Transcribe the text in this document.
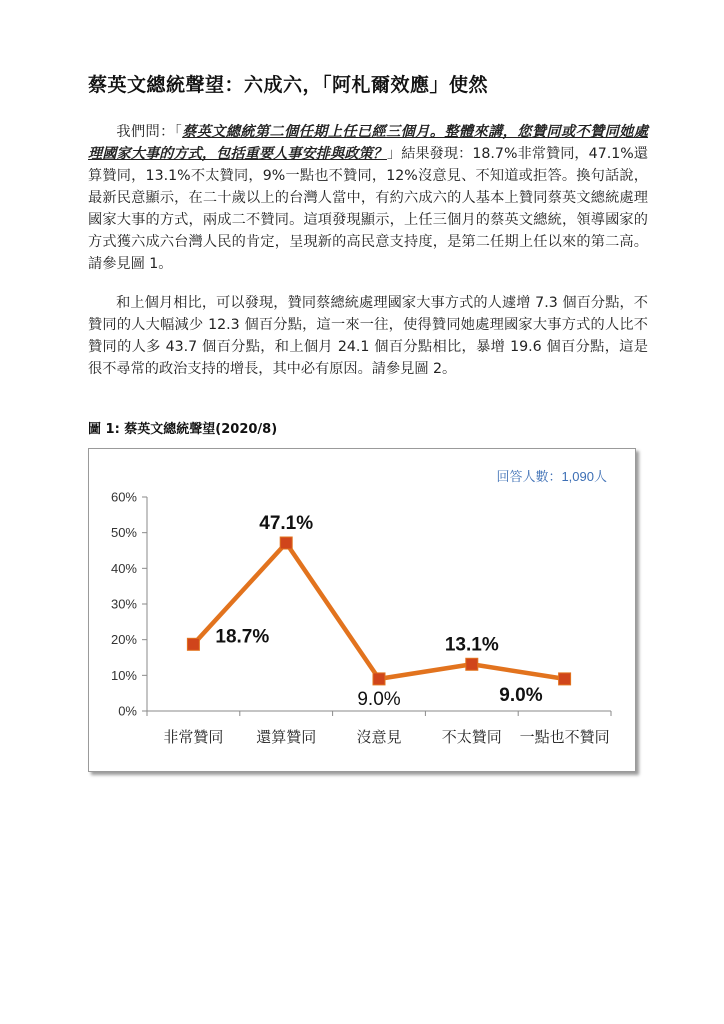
蔡英文總統聲望：六成六，「阿札爾效應」使然

我們問：「蔡英文總統第二個任期上任已經三個月。整體來講，您贊同或不贊同她處理國家大事的方式，包括重要人事安排與政策？」結果發現：18.7%非常贊同，47.1%還算贊同，13.1%不太贊同，9%一點也不贊同，12%沒意見、不知道或拒答。換句話說，最新民意顯示，在二十歲以上的台灣人當中，有約六成六的人基本上贊同蔡英文總統處理國家大事的方式，兩成二不贊同。這項發現顯示，上任三個月的蔡英文總統，領導國家的方式獲六成六台灣人民的肯定，呈現新的高民意支持度，是第二任期上任以來的第二高。請參見圖 1。

和上個月相比，可以發現，贊同蔡總統處理國家大事方式的人遽增 7.3 個百分點，不贊同的人大幅減少 12.3 個百分點，這一來一往，使得贊同她處理國家大事方式的人比不贊同的人多 43.7 個百分點，和上個月 24.1 個百分點相比，暴增 19.6 個百分點，這是很不尋常的政治支持的增長，其中必有原因。請參見圖 2。

圖 1: 蔡英文總統聲望(2020/8)
0%
10%
20%
30%
40%
50%
60%
非常贊同 還算贊同	沒意見	不太贊同 一點也不贊同
18.7%
47.1%
9.0%
13.1%
9.0%
回答人數：1,090人
